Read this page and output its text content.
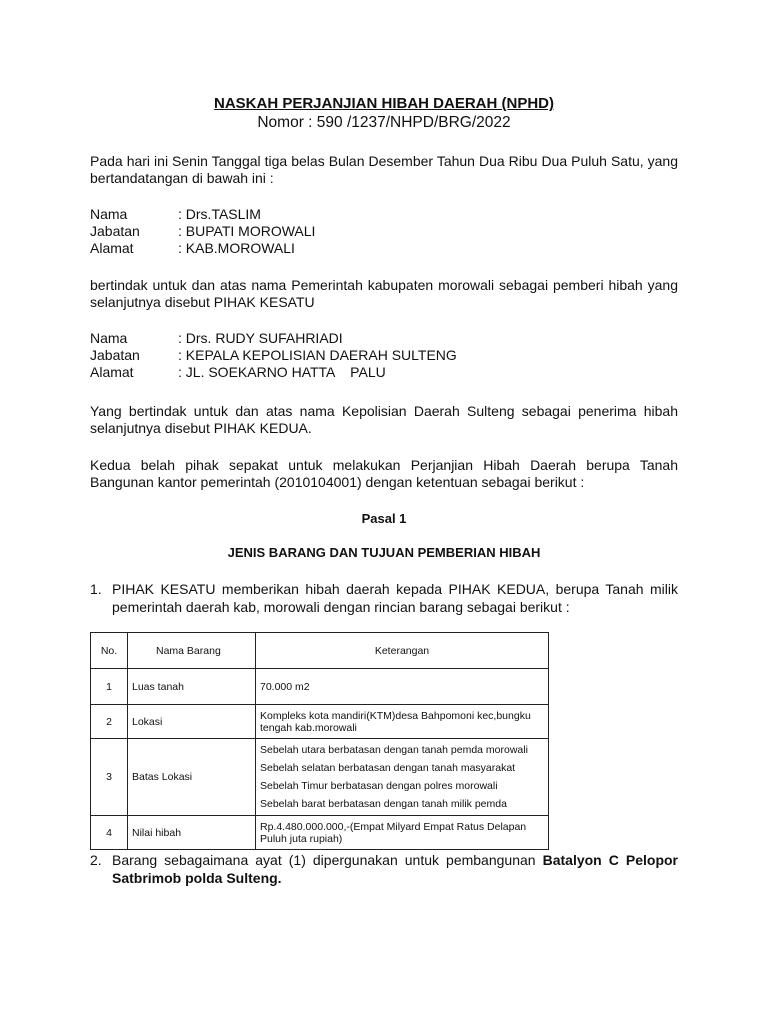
NASKAH PERJANJIAN HIBAH DAERAH (NPHD)
Nomor : 590 /1237/NHPD/BRG/2022
Pada hari ini Senin Tanggal tiga belas Bulan Desember Tahun Dua Ribu Dua Puluh Satu, yang bertandatangan di bawah ini :
Nama	: Drs.TASLIM
Jabatan	: BUPATI MOROWALI
Alamat	: KAB.MOROWALI
bertindak untuk dan atas nama Pemerintah kabupaten morowali sebagai pemberi hibah yang selanjutnya disebut PIHAK KESATU
Nama	: Drs. RUDY SUFAHRIADI
Jabatan	: KEPALA KEPOLISIAN DAERAH SULTENG
Alamat	: JL. SOEKARNO HATTA    PALU
Yang bertindak untuk dan atas nama Kepolisian Daerah Sulteng sebagai penerima hibah selanjutnya disebut PIHAK KEDUA.
Kedua belah pihak sepakat untuk melakukan Perjanjian Hibah Daerah berupa Tanah Bangunan kantor pemerintah (2010104001) dengan ketentuan sebagai berikut :
Pasal 1
JENIS BARANG DAN TUJUAN PEMBERIAN HIBAH
1. PIHAK KESATU memberikan hibah daerah kepada PIHAK KEDUA, berupa Tanah milik pemerintah daerah kab, morowali dengan rincian barang sebagai berikut :
No.	Nama Barang	Keterangan
1	Luas tanah	70.000 m2
2	Lokasi	Kompleks kota mandiri(KTM)desa Bahpomoni kec,bungku tengah kab.morowali
3	Batas Lokasi	Sebelah utara berbatasan dengan tanah pemda morowali
Sebelah selatan berbatasan dengan tanah masyarakat
Sebelah Timur berbatasan dengan polres morowali
Sebelah barat berbatasan dengan tanah milik pemda

4	Nilai hibah	Rp.4.480.000.000,-(Empat Milyard Empat Ratus Delapan Puluh juta rupiah)
2. Barang sebagaimana ayat (1) dipergunakan untuk pembangunan Batalyon C Pelopor Satbrimob polda Sulteng.
